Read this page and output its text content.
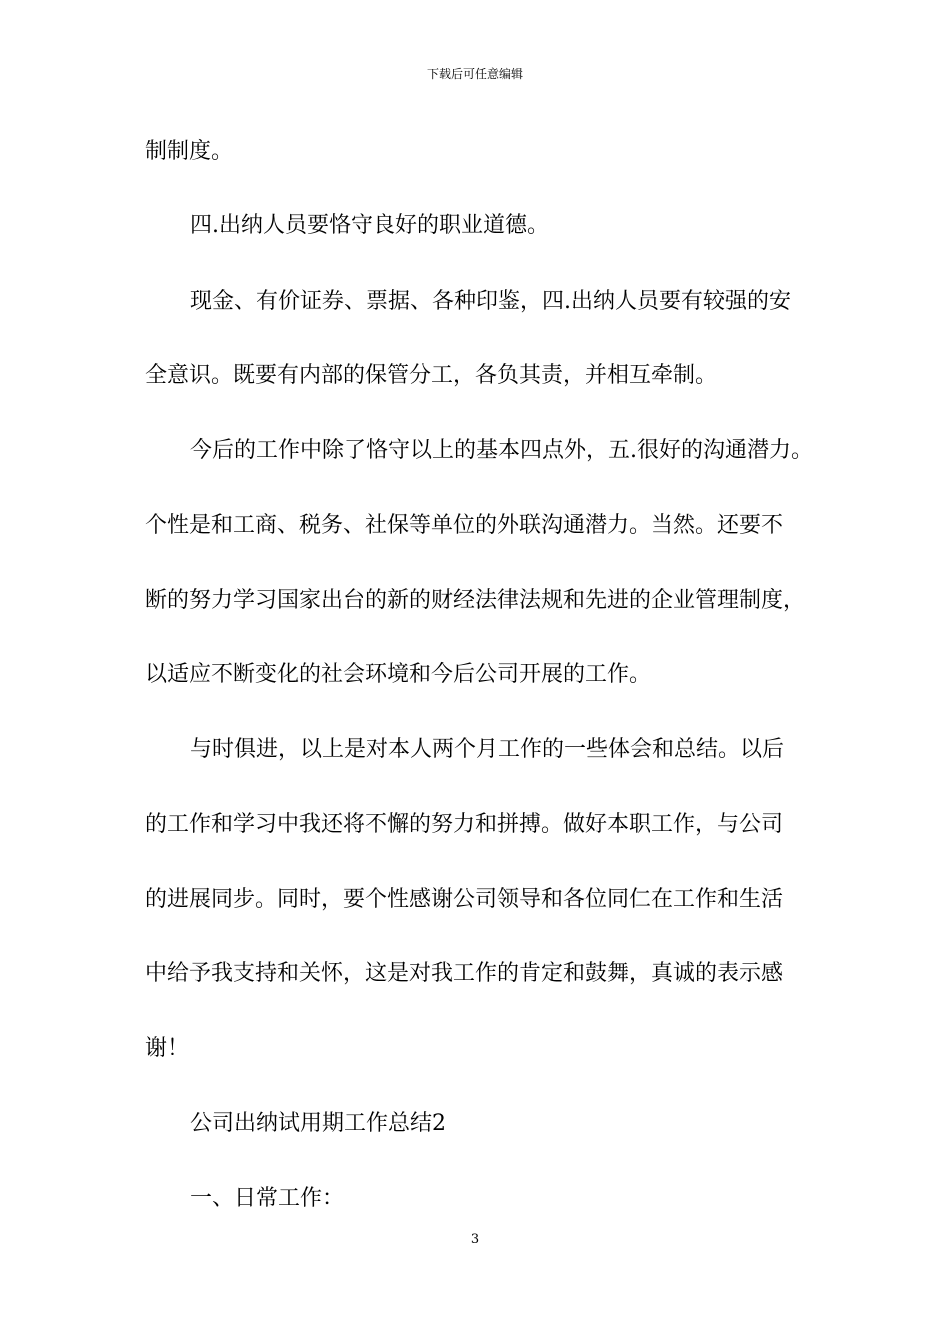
下载后可任意编辑
制制度。
四.出纳人员要恪守良好的职业道德。
现金、有价证券、票据、各种印鉴，四.出纳人员要有较强的安
全意识。既要有内部的保管分工，各负其责，并相互牵制。
今后的工作中除了恪守以上的基本四点外，五.很好的沟通潜力。
个性是和工商、税务、社保等单位的外联沟通潜力。当然。还要不
断的努力学习国家出台的新的财经法律法规和先进的企业管理制度，
以适应不断变化的社会环境和今后公司开展的工作。
与时俱进，以上是对本人两个月工作的一些体会和总结。以后
的工作和学习中我还将不懈的努力和拼搏。做好本职工作，与公司
的进展同步。同时，要个性感谢公司领导和各位同仁在工作和生活
中给予我支持和关怀，这是对我工作的肯定和鼓舞，真诚的表示感
谢！
公司出纳试用期工作总结2
一、日常工作：
3
